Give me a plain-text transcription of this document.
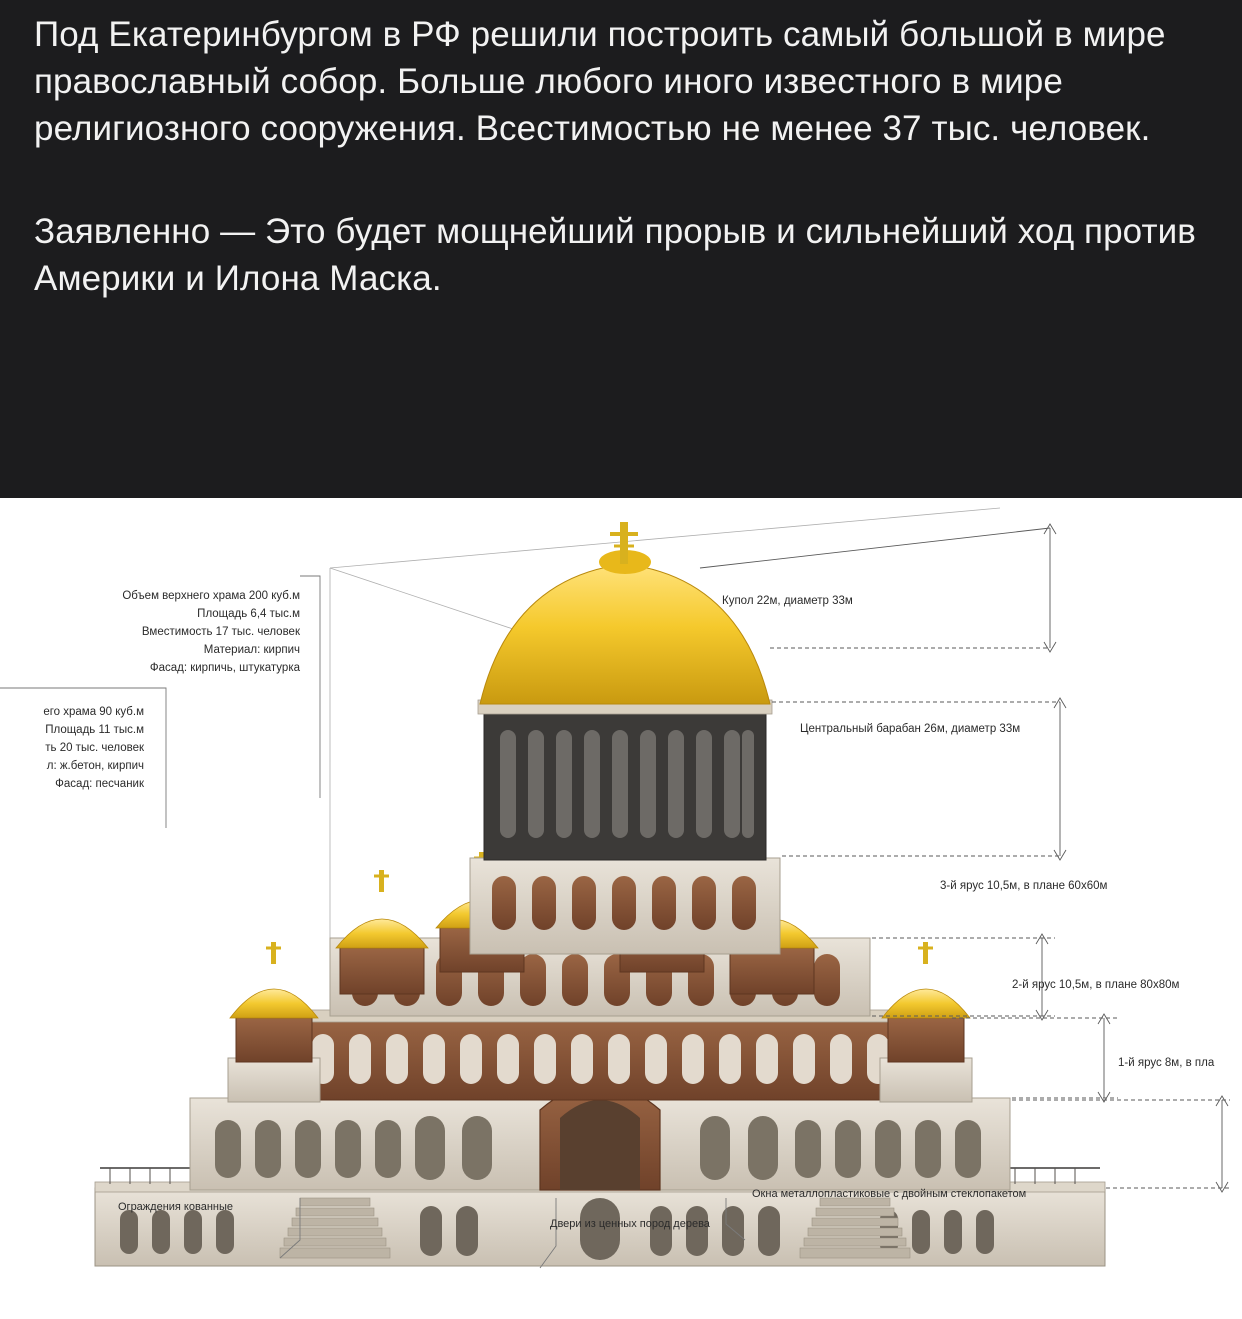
Под Екатеринбургом в РФ решили построить самый большой в мире православный собор. Больше любого иного известного в мире религиозного сооружения. Всестимостью не менее 37 тыс. человек.

Заявленно — Это будет мощнейший прорыв и сильнейший ход против Америки и Илона Маска.

Объем верхнего храма 200 куб.м
Площадь 6,4 тыс.м
Вместимость 17 тыс. человек
Материал: кирпич
Фасад: кирпичь, штукатурка
его храма 90 куб.м
Площадь 11 тыс.м
ть 20 тыс. человек
л: ж.бетон, кирпич
Фасад: песчаник
Купол 22м, диаметр 33м
Центральный барабан 26м, диаметр 33м
3-й ярус 10,5м, в плане 60х60м
2-й ярус 10,5м, в плане 80х80м
1-й ярус 8м, в пла
Ограждения кованные
Двери из ценных пород дерева
Окна металлопластиковые с двойным стеклопакетом
